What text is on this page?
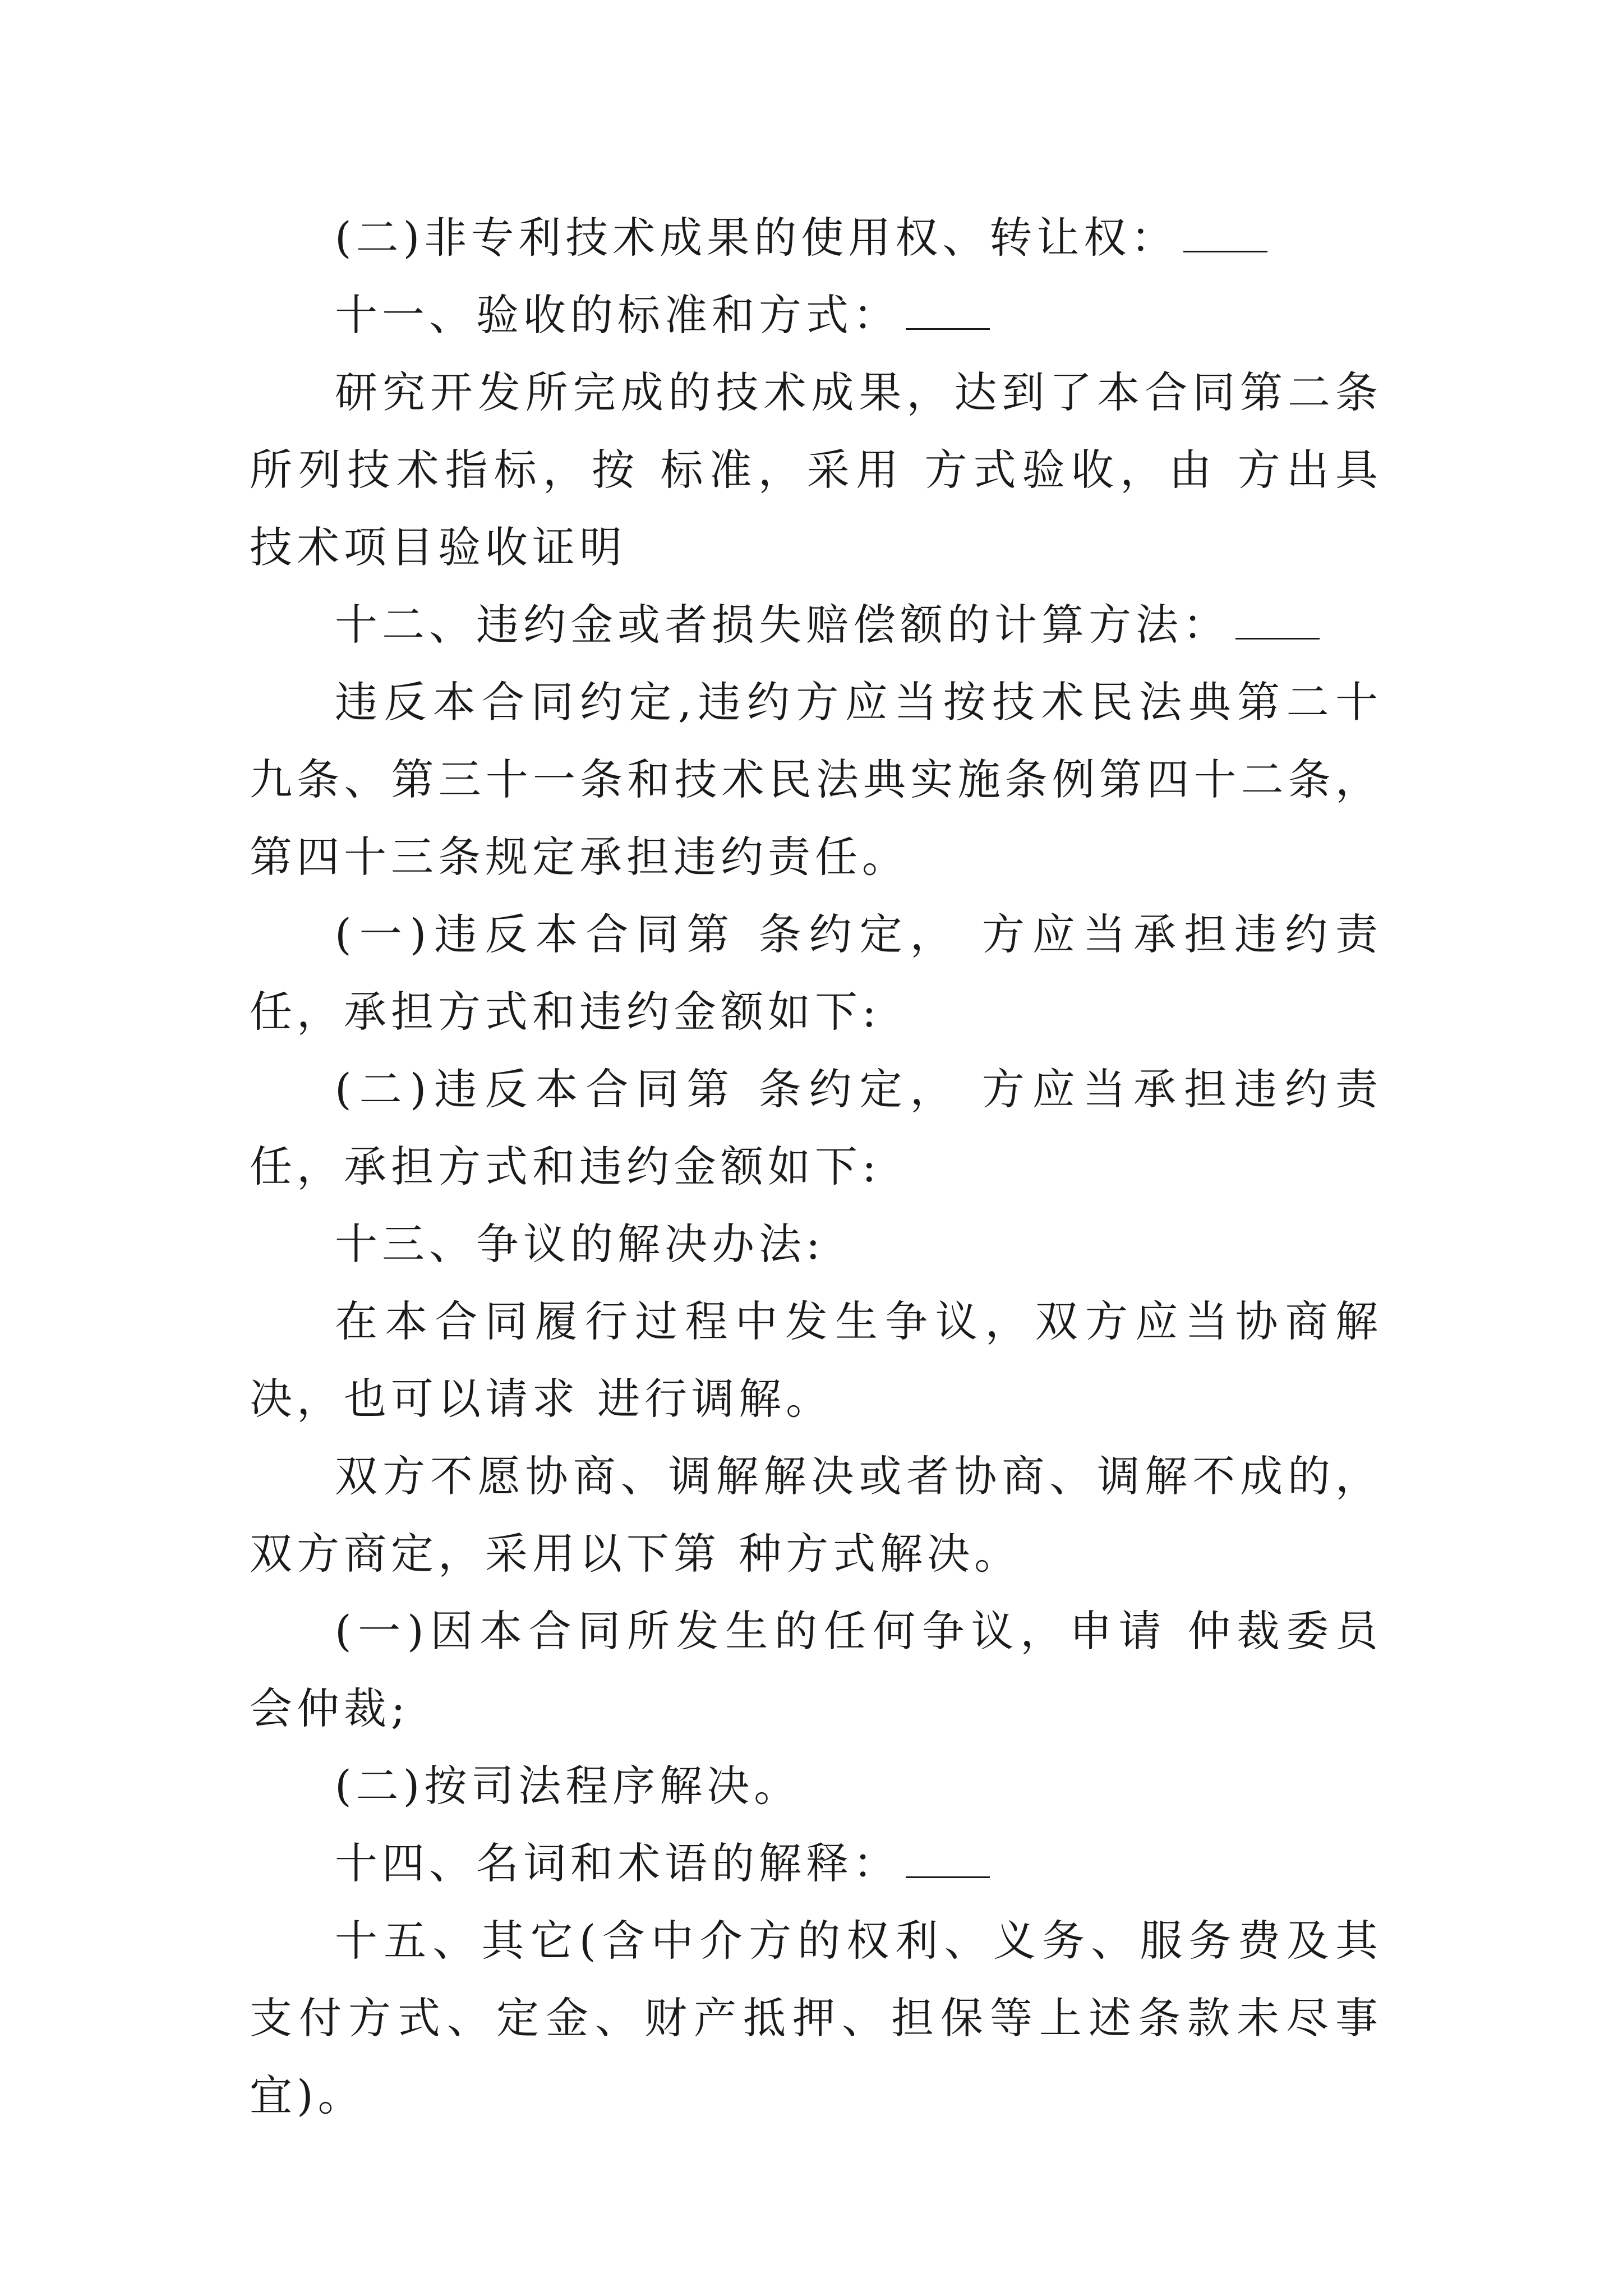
(二)非专利技术成果的使用权、转让权：

十一、验收的标准和方式：

研究开发所完成的技术成果，达到了本合同第二条所列技术指标，按 标准，采用 方式验收，由 方出具技术项目验收证明

十二、违约金或者损失赔偿额的计算方法：

违反本合同约定,违约方应当按技术民法典第二十九条、第三十一条和技术民法典实施条例第四十二条，第四十三条规定承担违约责任。

(一)违反本合同第 条约定， 方应当承担违约责任，承担方式和违约金额如下:

(二)违反本合同第 条约定， 方应当承担违约责任，承担方式和违约金额如下:

十三、争议的解决办法:

在本合同履行过程中发生争议，双方应当协商解决，也可以请求 进行调解。

双方不愿协商、调解解决或者协商、调解不成的，双方商定，采用以下第 种方式解决。

(一)因本合同所发生的任何争议，申请 仲裁委员会仲裁;

(二)按司法程序解决。

十四、名词和术语的解释：

十五、其它(含中介方的权利、义务、服务费及其支付方式、定金、财产抵押、担保等上述条款未尽事宜)。
